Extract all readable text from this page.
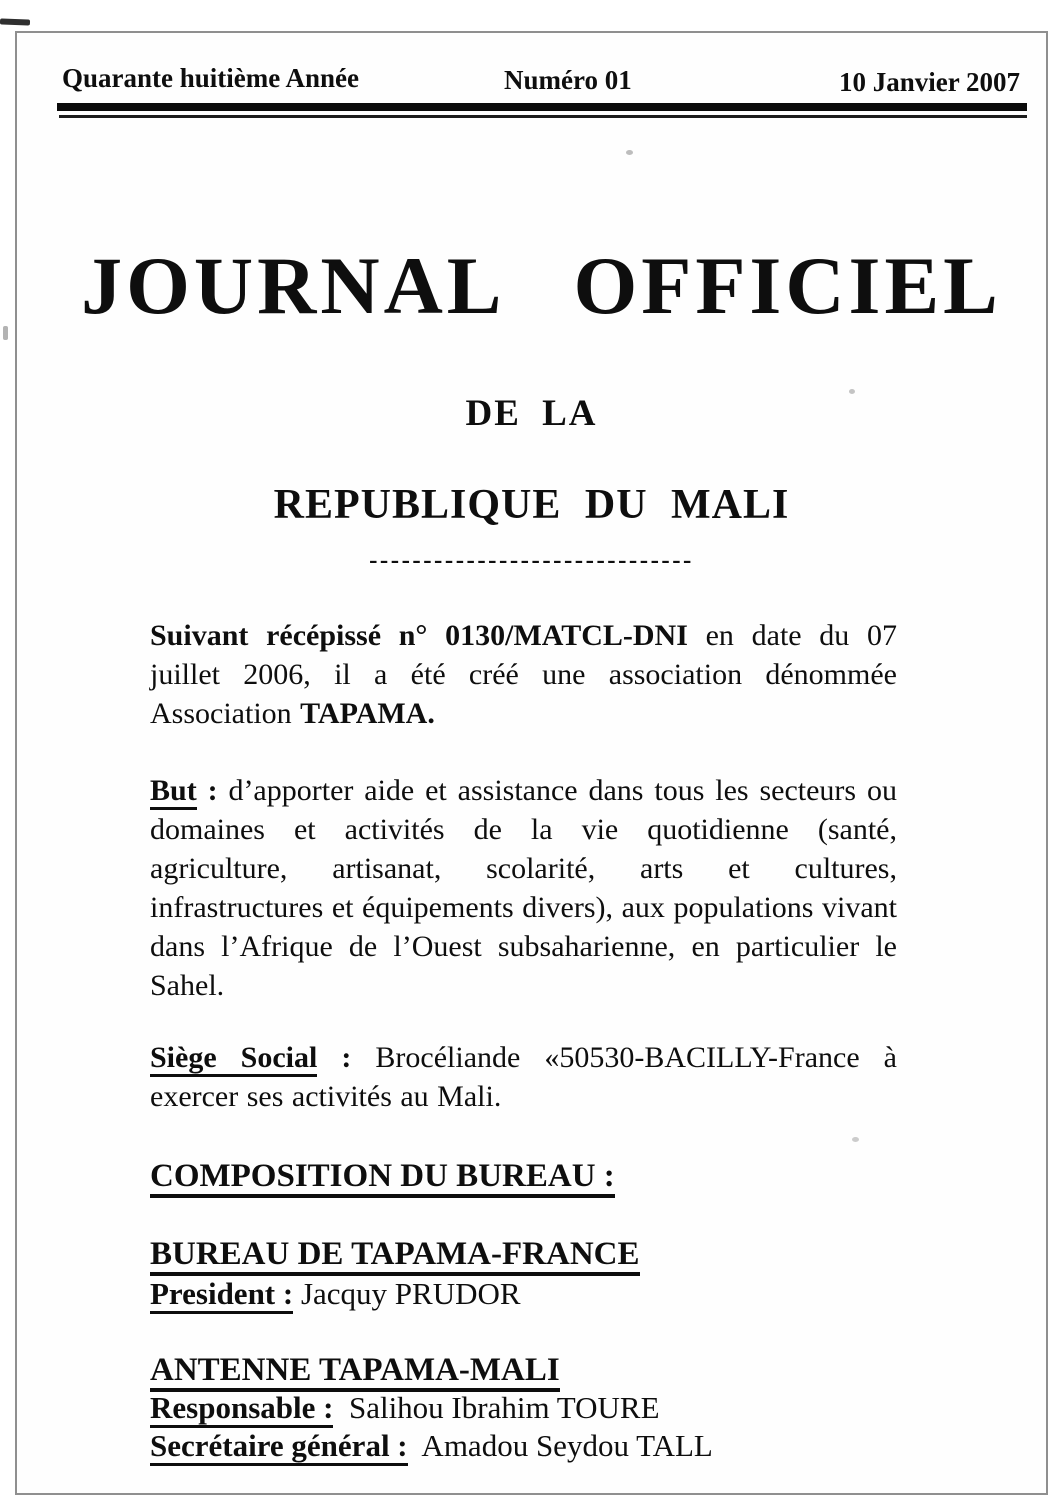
Quarante huitième Année	Numéro 01	10 Janvier 2007
JOURNAL OFFICIEL
DE LA
REPUBLIQUE DU MALI
------------------------------
Suivant récépissé n° 0130/MATCL-DNI en date du 07 juillet 2006, il a été créé une association dénommée Association TAPAMA.
But : d’apporter aide et assistance dans tous les secteurs ou domaines et activités de la vie quotidienne (santé, agriculture, artisanat, scolarité, arts et cultures, infrastructures et équipements divers), aux populations vivant dans l’Afrique de l’Ouest subsaharienne, en particulier le Sahel.
Siège Social : Brocéliande «50530-BACILLY-France à exercer ses activités au Mali.
COMPOSITION DU BUREAU :
BUREAU DE TAPAMA-FRANCE
President : Jacquy PRUDOR
ANTENNE TAPAMA-MALI
Responsable :  Salihou Ibrahim TOURE
Secrétaire général :  Amadou Seydou TALL
